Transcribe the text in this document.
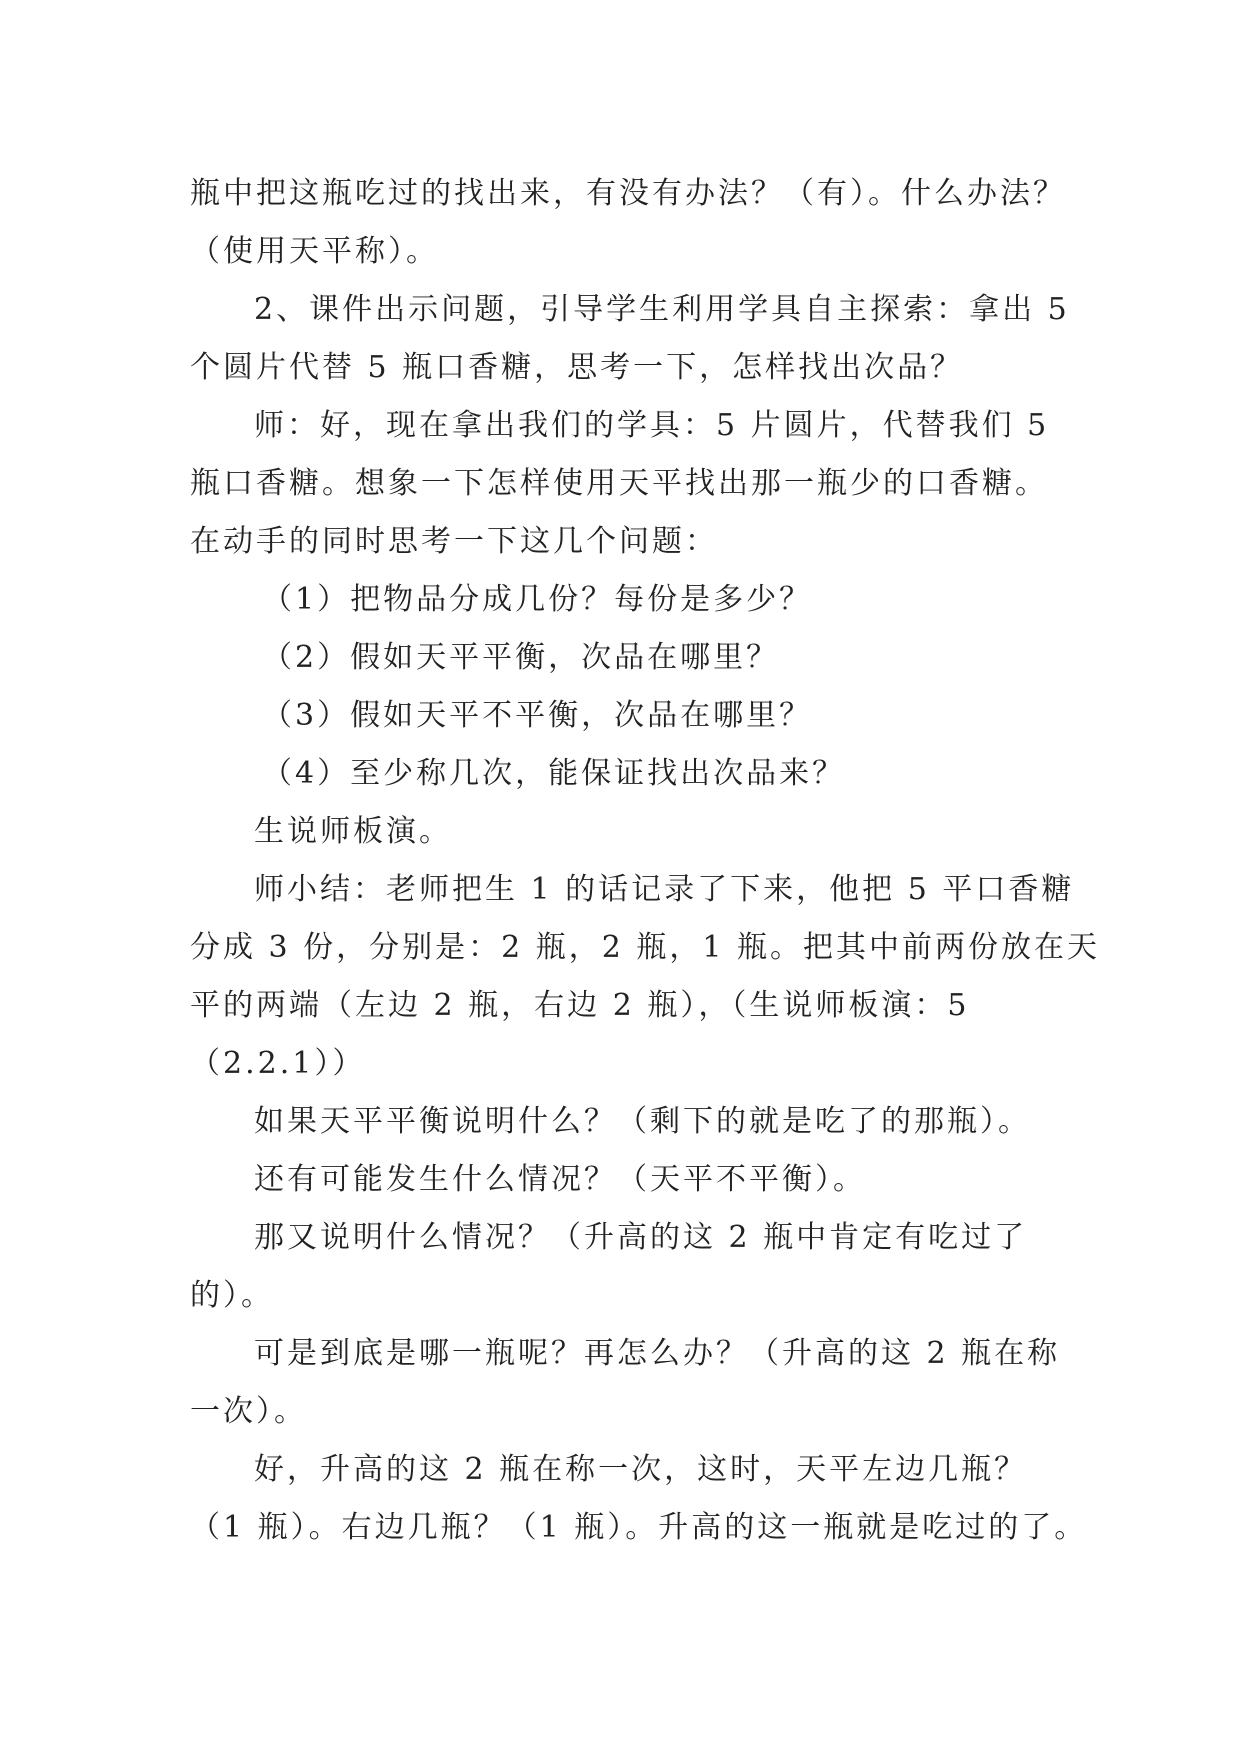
瓶中把这瓶吃过的找出来，有没有办法？（有）。什么办法？
（使用天平称）。
2、课件出示问题，引导学生利用学具自主探索：拿出 5
个圆片代替 5 瓶口香糖，思考一下，怎样找出次品？
师：好，现在拿出我们的学具：5 片圆片，代替我们 5
瓶口香糖。想象一下怎样使用天平找出那一瓶少的口香糖。
在动手的同时思考一下这几个问题：
（1）把物品分成几份？每份是多少？
（2）假如天平平衡，次品在哪里？
（3）假如天平不平衡，次品在哪里？
（4）至少称几次，能保证找出次品来？
生说师板演。
师小结：老师把生 1 的话记录了下来，他把 5 平口香糖
分成 3 份，分别是：2 瓶，2 瓶，1 瓶。把其中前两份放在天
平的两端（左边 2 瓶，右边 2 瓶），（生说师板演：5
（2.2.1））
如果天平平衡说明什么？（剩下的就是吃了的那瓶）。
还有可能发生什么情况？（天平不平衡）。
那又说明什么情况？（升高的这 2 瓶中肯定有吃过了
的）。
可是到底是哪一瓶呢？再怎么办？（升高的这 2 瓶在称
一次）。
好，升高的这 2 瓶在称一次，这时，天平左边几瓶？
（1 瓶）。右边几瓶？（1 瓶）。升高的这一瓶就是吃过的了。
